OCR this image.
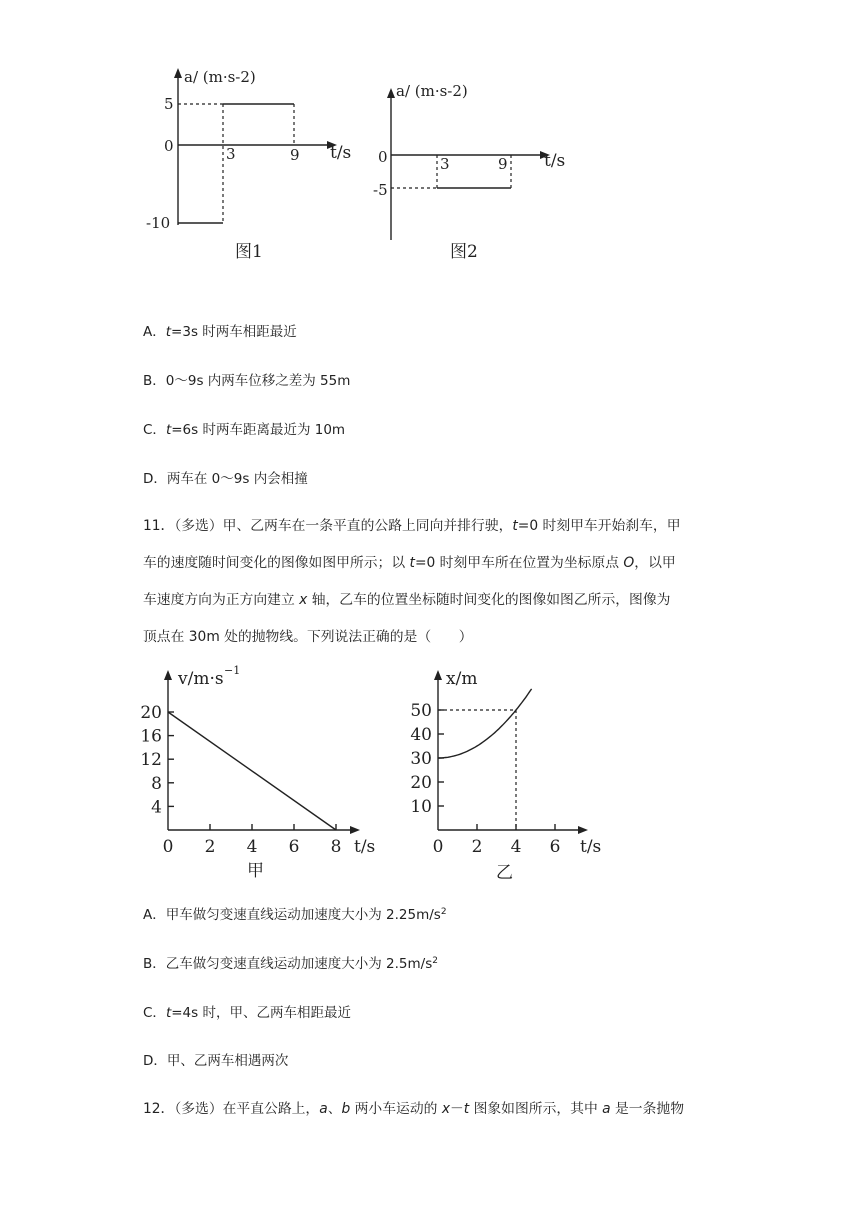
a/ (m·s-2)
t/s
5
0
-10
3	9
图1
a/ (m·s-2)
t/s
0
-5
3	9
图2
A．t=3s 时两车相距最近
B．0～9s 内两车位移之差为 55m
C．t=6s 时两车距离最近为 10m
D．两车在 0～9s 内会相撞
11．（多选）甲、乙两车在一条平直的公路上同向并排行驶，t=0 时刻甲车开始刹车，甲
车的速度随时间变化的图像如图甲所示；以 t=0 时刻甲车所在位置为坐标原点 O，以甲
车速度方向为正方向建立 x 轴，乙车的位置坐标随时间变化的图像如图乙所示，图像为
顶点在 30m 处的抛物线。下列说法正确的是（　　）
v/m·s −1
t/s
4
8
12
16
20
0 2 4 6 8
甲
x/m
t/s
10
20
30
40
50
0 2 4 6
乙
A．甲车做匀变速直线运动加速度大小为 $2.25m/s^2$
B．乙车做匀变速直线运动加速度大小为 $2.5m/s^2$
C．t=4s 时，甲、乙两车相距最近
D．甲、乙两车相遇两次
12．（多选）在平直公路上，a、b 两小车运动的 x－t 图象如图所示，其中 a 是一条抛物
